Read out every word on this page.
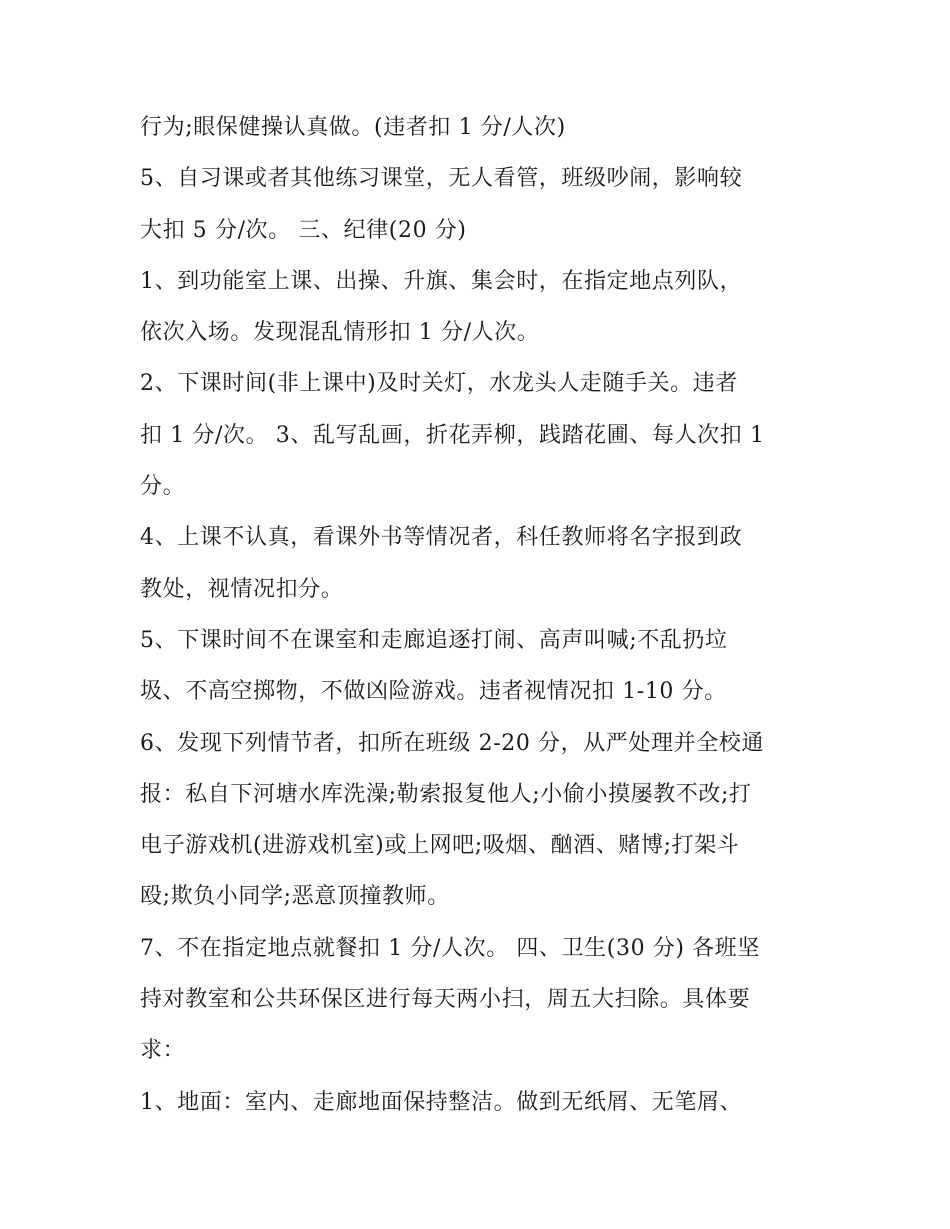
行为;眼保健操认真做。(违者扣 1 分/人次)
5、自习课或者其他练习课堂，无人看管，班级吵闹，影响较
大扣 5 分/次。 三、纪律(20 分)
1、到功能室上课、出操、升旗、集会时，在指定地点列队，
依次入场。发现混乱情形扣 1 分/人次。
2、下课时间(非上课中)及时关灯，水龙头人走随手关。违者
扣 1 分/次。 3、乱写乱画，折花弄柳，践踏花圃、每人次扣 1
分。
4、上课不认真，看课外书等情况者，科任教师将名字报到政
教处，视情况扣分。
5、下课时间不在课室和走廊追逐打闹、高声叫喊;不乱扔垃
圾、不高空掷物，不做凶险游戏。违者视情况扣 1-10 分。
6、发现下列情节者，扣所在班级 2-20 分，从严处理并全校通
报：私自下河塘水库洗澡;勒索报复他人;小偷小摸屡教不改;打
电子游戏机(进游戏机室)或上网吧;吸烟、酗酒、赌博;打架斗
殴;欺负小同学;恶意顶撞教师。
7、不在指定地点就餐扣 1 分/人次。 四、卫生(30 分) 各班坚
持对教室和公共环保区进行每天两小扫，周五大扫除。具体要
求：
1、地面：室内、走廊地面保持整洁。做到无纸屑、无笔屑、
